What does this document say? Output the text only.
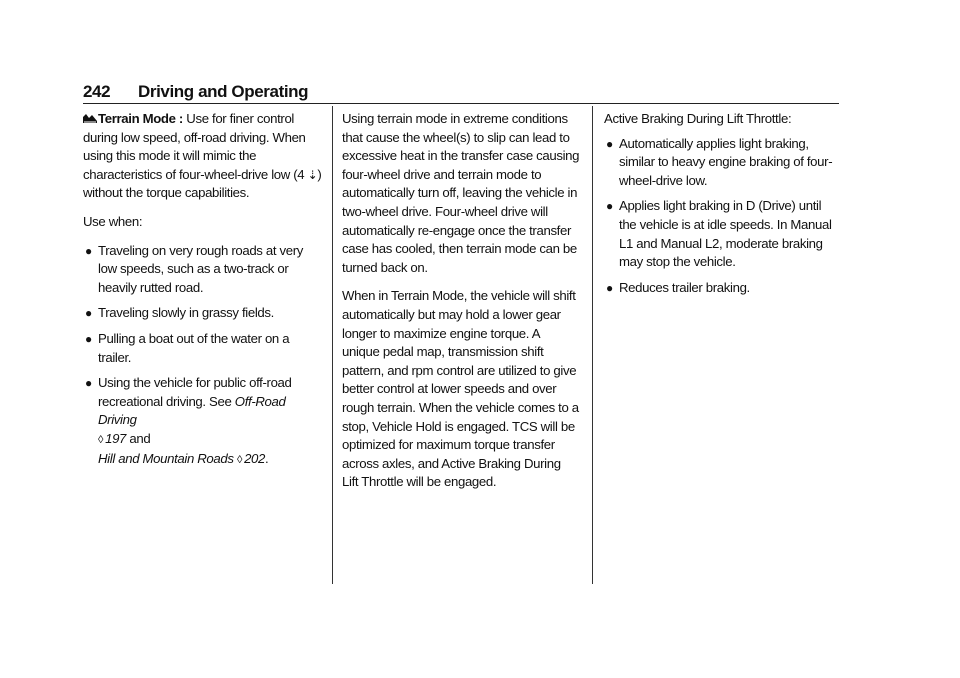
242 Driving and Operating

Terrain Mode : Use for finer control during low speed, off-road driving. When using this mode it will mimic the characteristics of four-wheel-drive low (4 ⇣) without the torque capabilities.

Use when:

● Traveling on very rough roads at very low speeds, such as a two-track or heavily rutted road.
● Traveling slowly in grassy fields.
● Pulling a boat out of the water on a trailer.
● Using the vehicle for public off-road recreational driving. See Off-Road Driving
◊ 197 and
Hill and Mountain Roads ◊ 202.

Using terrain mode in extreme conditions that cause the wheel(s) to slip can lead to excessive heat in the transfer case causing four-wheel drive and terrain mode to automatically turn off, leaving the vehicle in two-wheel drive. Four-wheel drive will automatically re-engage once the transfer case has cooled, then terrain mode can be turned back on.

When in Terrain Mode, the vehicle will shift automatically but may hold a lower gear longer to maximize engine torque. A unique pedal map, transmission shift pattern, and rpm control are utilized to give better control at lower speeds and over rough terrain. When the vehicle comes to a stop, Vehicle Hold is engaged. TCS will be optimized for maximum torque transfer across axles, and Active Braking During Lift Throttle will be engaged.

Active Braking During Lift Throttle:

● Automatically applies light braking, similar to heavy engine braking of four-wheel-drive low.
● Applies light braking in D (Drive) until the vehicle is at idle speeds. In Manual L1 and Manual L2, moderate braking may stop the vehicle.
● Reduces trailer braking.
